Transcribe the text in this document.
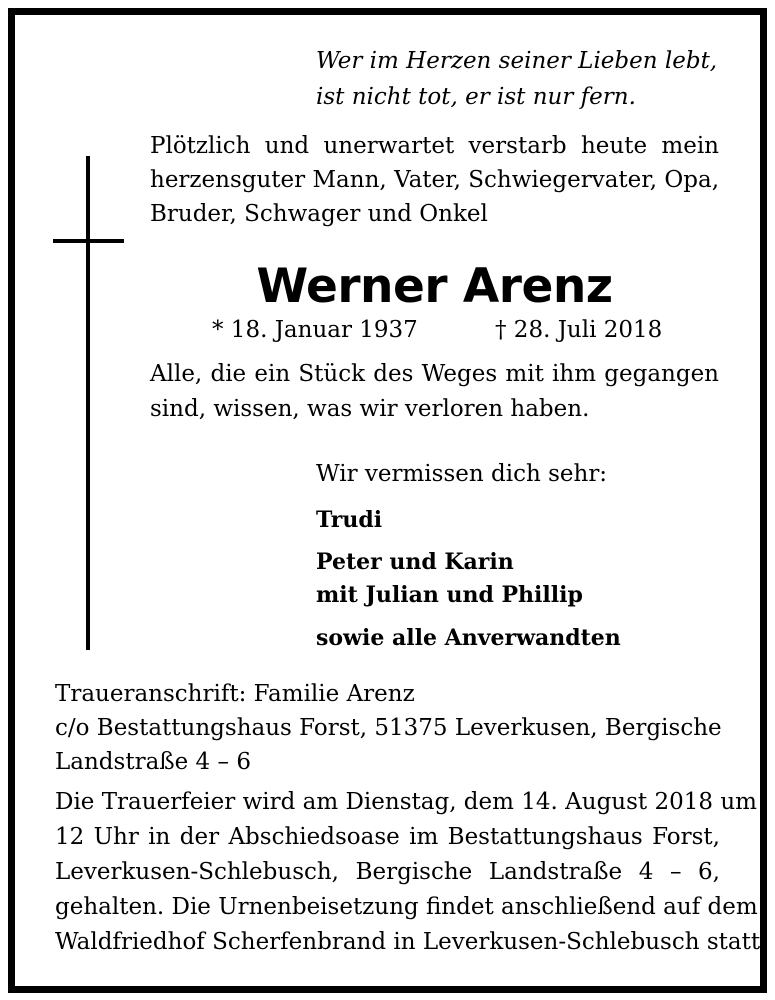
Wer im Herzen seiner Lieben lebt,
ist nicht tot, er ist nur fern.
Plötzlich und unerwartet verstarb heute mein
herzensguter Mann, Vater, Schwiegervater, Opa,
Bruder, Schwager und Onkel
Werner Arenz
* 18. Januar 1937	† 28. Juli 2018
Alle, die ein Stück des Weges mit ihm gegangen
sind, wissen, was wir verloren haben.
Wir vermissen dich sehr:
Trudi
Peter und Karin
mit Julian und Phillip
sowie alle Anverwandten
Traueranschrift: Familie Arenz
c/o Bestattungshaus Forst, 51375 Leverkusen, Bergische
Landstraße 4 – 6
Die Trauerfeier wird am Dienstag, dem 14. August 2018 um
12 Uhr in der Abschiedsoase im Bestattungshaus Forst,
Leverkusen-Schlebusch, Bergische Landstraße 4 – 6,
gehalten. Die Urnenbeisetzung findet anschließend auf dem
Waldfriedhof Scherfenbrand in Leverkusen-Schlebusch statt.
